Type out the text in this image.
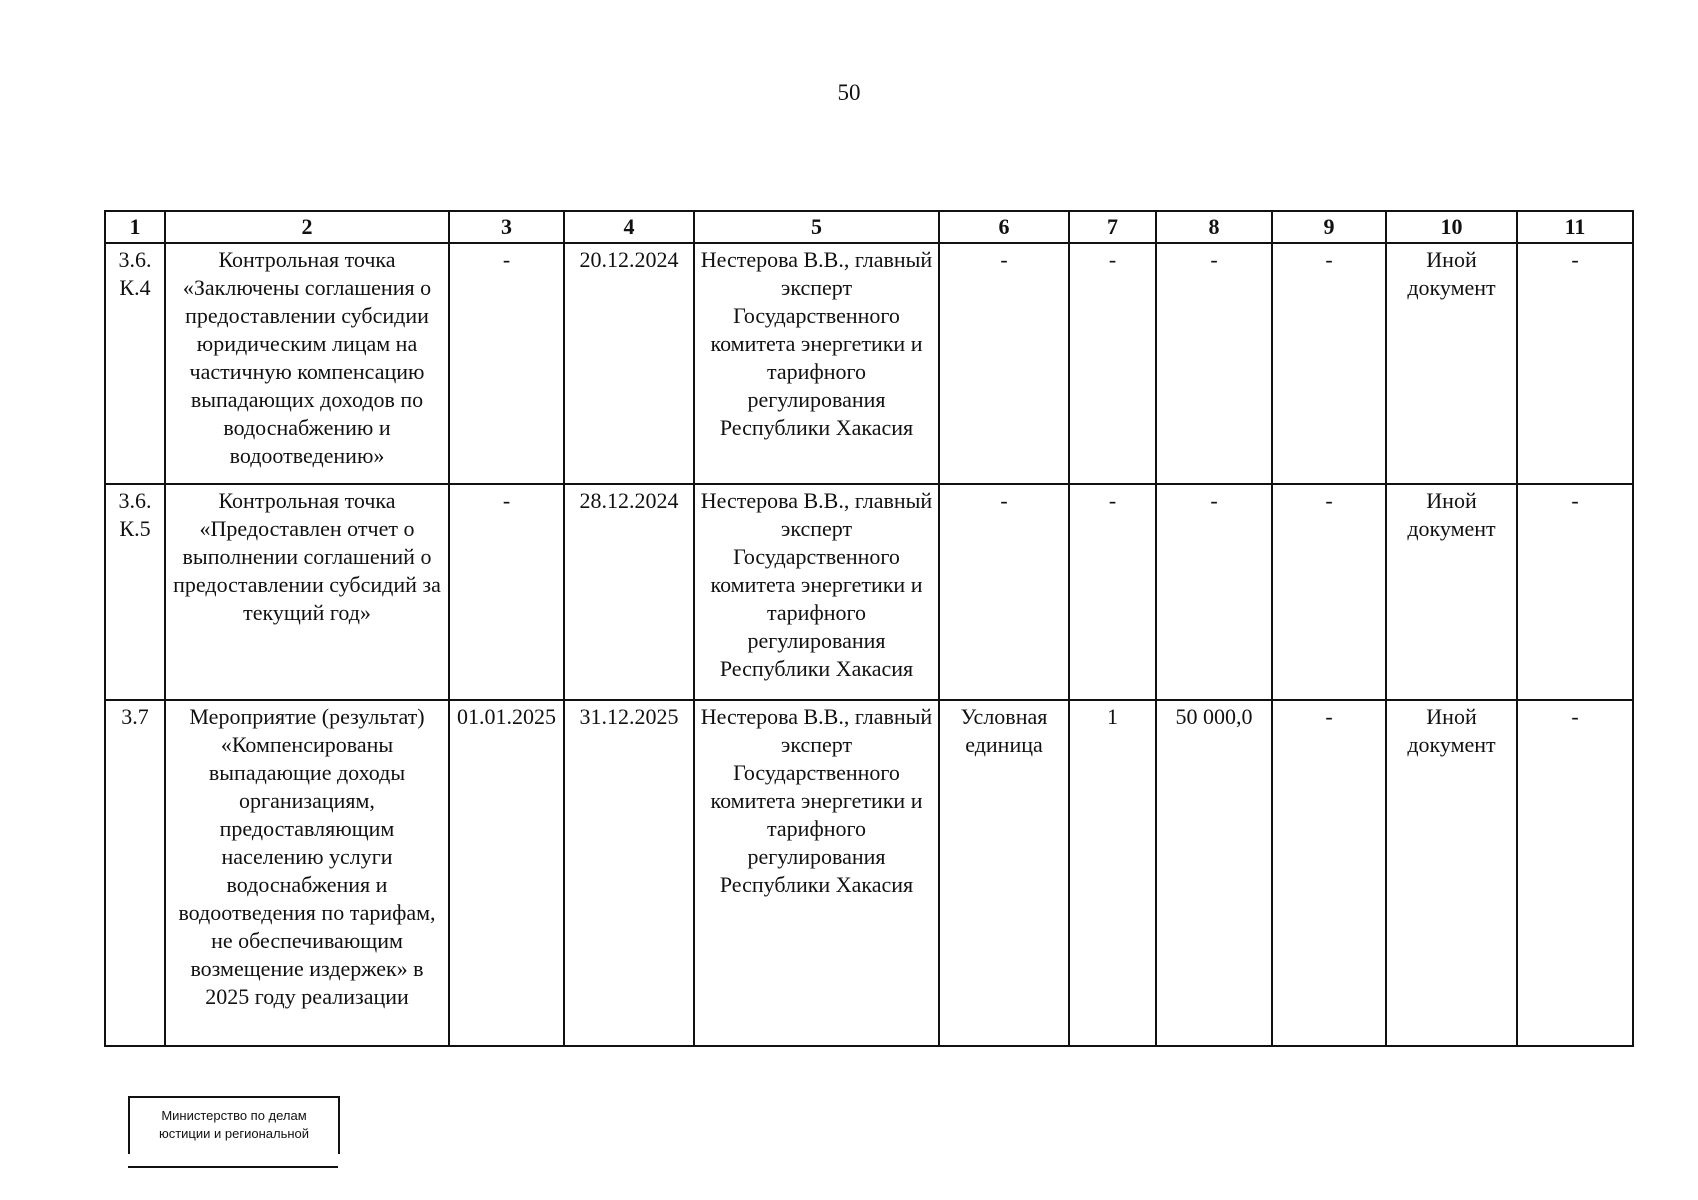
50
1	2	3	4	5	6	7	8	9	10	11
3.6.
К.4	Контрольная точка «Заключены соглашения о предоставлении субсидии юридическим лицам на частичную компенсацию выпадающих доходов по водоснабжению и водоотведению»	-	20.12.2024	Нестерова В.В., главный эксперт Государственного комитета энергетики и тарифного регулирования Республики Хакасия	-	-	-	-	Иной документ	-
3.6.
К.5	Контрольная точка «Предоставлен отчет о выполнении соглашений о предоставлении субсидий за текущий год»	-	28.12.2024	Нестерова В.В., главный эксперт Государственного комитета энергетики и тарифного регулирования Республики Хакасия	-	-	-	-	Иной документ	-
3.7	Мероприятие (результат) «Компенсированы выпадающие доходы организациям, предоставляющим населению услуги водоснабжения и водоотведения по тарифам, не обеспечивающим возмещение издержек» в 2025 году реализации	01.01.2025	31.12.2025	Нестерова В.В., главный эксперт Государственного комитета энергетики и тарифного регулирования Республики Хакасия	Условная единица	1	50 000,0	-	Иной документ	-
Министерство по делам
юстиции и региональной
